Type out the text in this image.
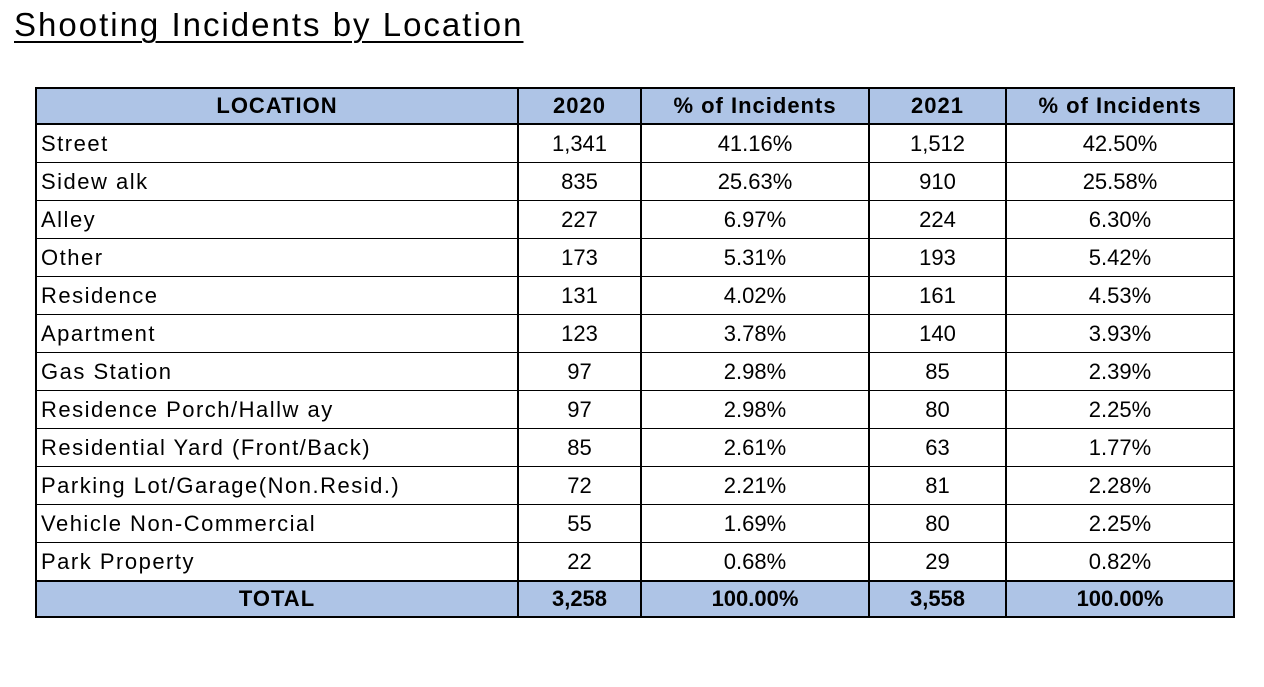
Shooting Incidents by Location
LOCATION	2020	% of Incidents	2021	% of Incidents
Street	1,341	41.16%	1,512	42.50%
Sidew alk	835	25.63%	910	25.58%
Alley	227	6.97%	224	6.30%
Other	173	5.31%	193	5.42%
Residence	131	4.02%	161	4.53%
Apartment	123	3.78%	140	3.93%
Gas Station	97	2.98%	85	2.39%
Residence Porch/Hallw ay	97	2.98%	80	2.25%
Residential Yard (Front/Back)	85	2.61%	63	1.77%
Parking Lot/Garage(Non.Resid.)	72	2.21%	81	2.28%
Vehicle Non-Commercial	55	1.69%	80	2.25%
Park Property	22	0.68%	29	0.82%
TOTAL	3,258	100.00%	3,558	100.00%
